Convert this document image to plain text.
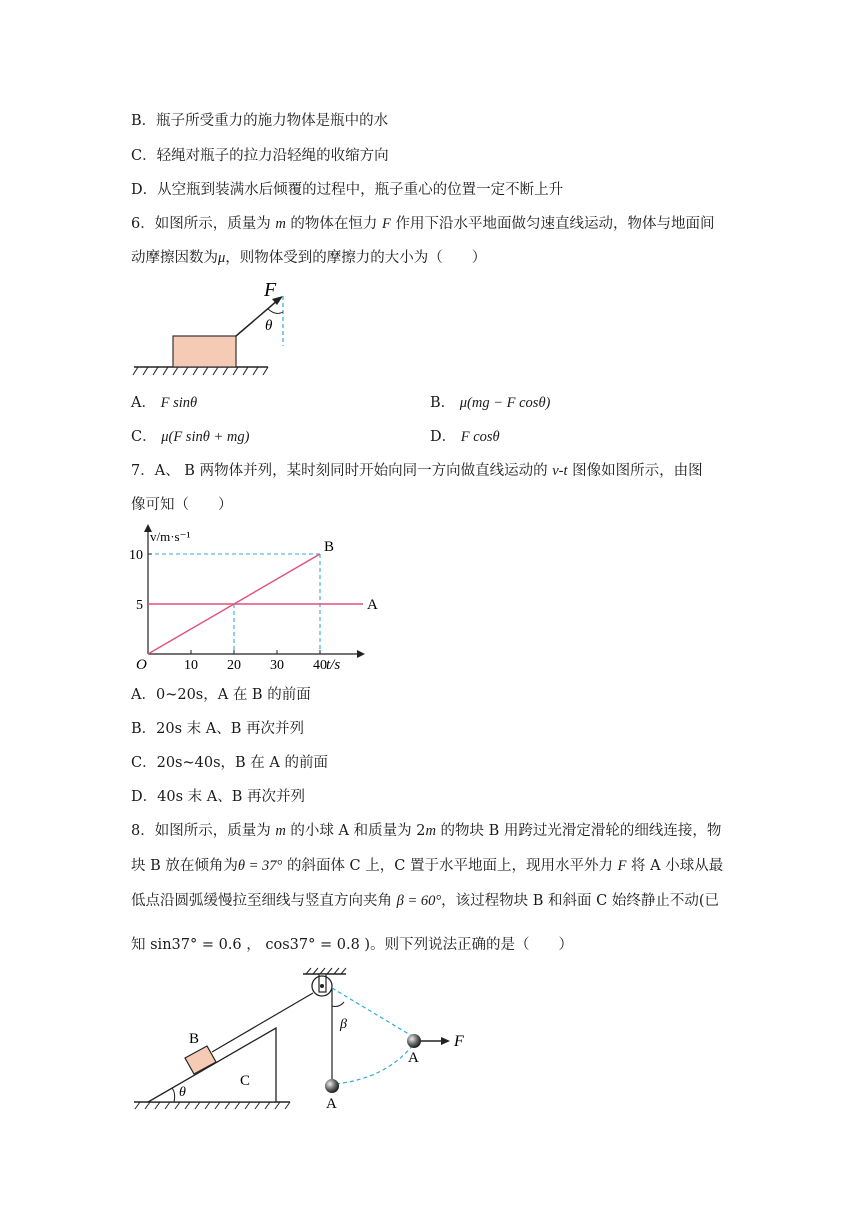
B．瓶子所受重力的施力物体是瓶中的水
C．轻绳对瓶子的拉力沿轻绳的收缩方向
D．从空瓶到装满水后倾覆的过程中，瓶子重心的位置一定不断上升
6．如图所示，质量为 m 的物体在恒力 F 作用下沿水平地面做匀速直线运动，物体与地面间
动摩擦因数为μ，则物体受到的摩擦力的大小为（　　）
F
θ
A． F sinθ	B． μ(mg − F cosθ)
C． μ(F sinθ + mg)	D． F cosθ
7．A、 B 两物体并列，某时刻同时开始向同一方向做直线运动的 v-t 图像如图所示，由图
像可知（　　）
10 20 30 40
5
10
A
B
v/m·s⁻¹
t/s
O
A．0~20s，A 在 B 的前面
B．20s 末 A、B 再次并列
C．20s~40s，B 在 A 的前面
D．40s 末 A、B 再次并列
8．如图所示，质量为 m 的小球 A 和质量为 2m 的物块 B 用跨过光滑定滑轮的细线连接，物
块 B 放在倾角为θ = 37° 的斜面体 C 上，C 置于水平地面上，现用水平外力 F 将 A 小球从最
低点沿圆弧缓慢拉至细线与竖直方向夹角 β = 60°，该过程物块 B 和斜面 C 始终静止不动(已
知 sin37° = 0.6 ， cos37° = 0.8 )。则下列说法正确的是（　　）
B
C
θ
β
A
A
F
